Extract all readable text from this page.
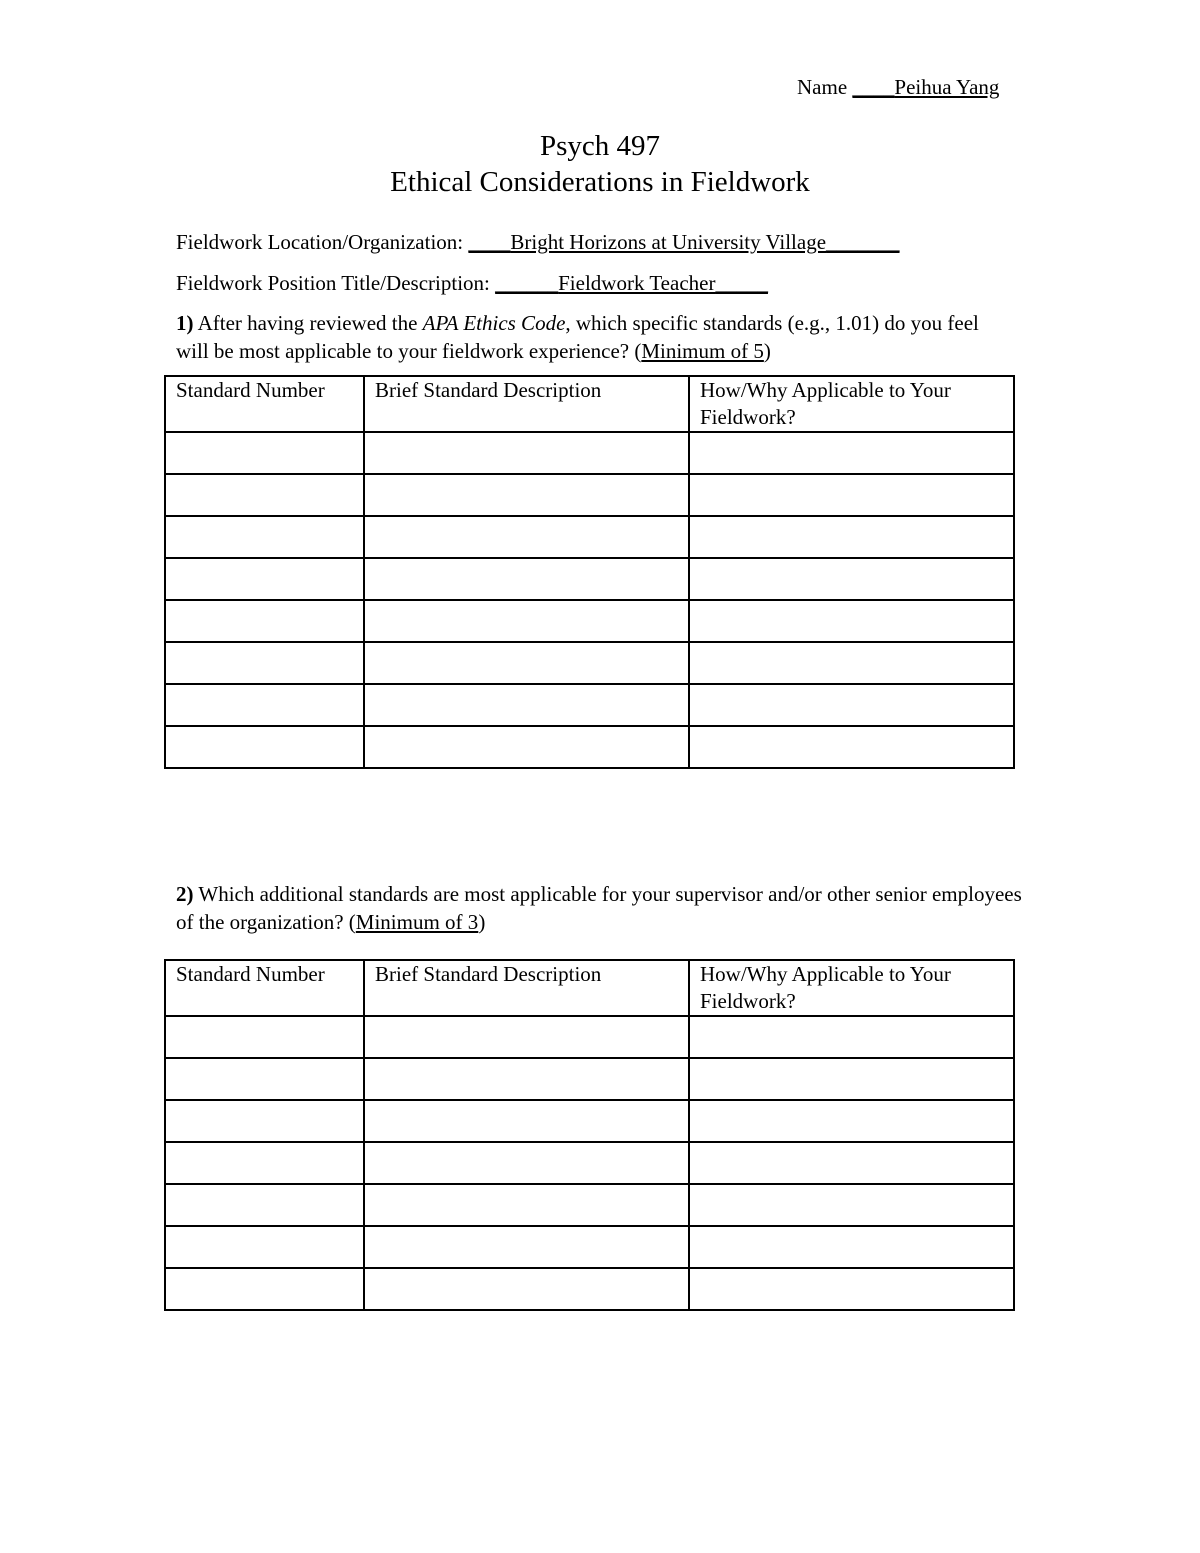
Name ____Peihua Yang
Psych 497
Ethical Considerations in Fieldwork
Fieldwork Location/Organization: ____Bright Horizons at University Village_______
Fieldwork Position Title/Description: ______Fieldwork Teacher_____
1) After having reviewed the APA Ethics Code, which specific standards (e.g., 1.01) do you feel will be most applicable to your fieldwork experience? (Minimum of 5)
Standard Number	Brief Standard Description	How/Why Applicable to Your Fieldwork?

2) Which additional standards are most applicable for your supervisor and/or other senior employees of the organization? (Minimum of 3)
Standard Number	Brief Standard Description	How/Why Applicable to Your Fieldwork?
